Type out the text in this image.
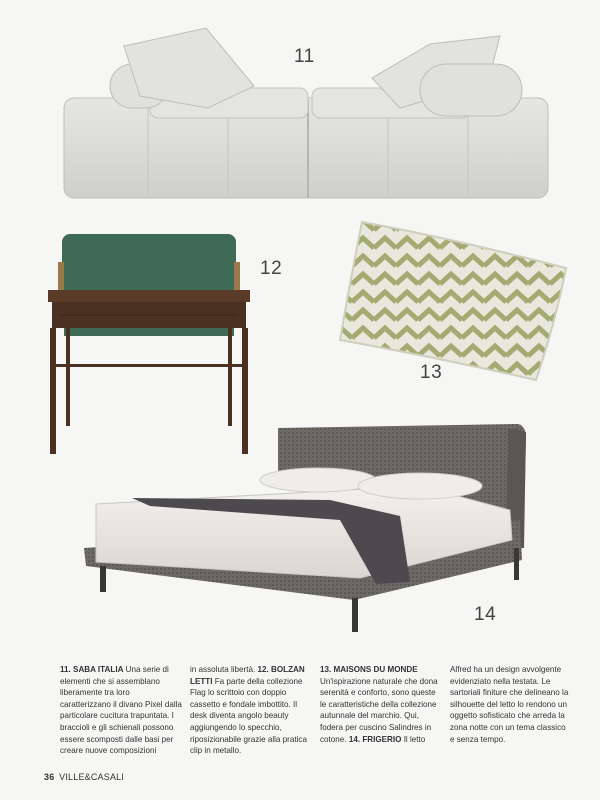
11
12
13
14
11. SABA ITALIA Una serie di elementi che si assemblano liberamente tra loro caratterizzano il divano Pixel dalla particolare cucitura trapuntata. I braccioli e gli schienali possono essere scomposti dalle basi per creare nuove composizioni
in assoluta libertà. 12. BOLZAN LETTI Fa parte della collezione Flag lo scrittoio con doppio cassetto e fondale imbottito. Il desk diventa angolo beauty aggiungendo lo specchio, riposizionabile grazie alla pratica clip in metallo.
13. MAISONS DU MONDE Un'ispirazione naturale che dona serenità e conforto, sono queste le caratteristiche della collezione autunnale del marchio. Qui, fodera per cuscino Salindres in cotone. 14. FRIGERIO Il letto
Alfred ha un design avvolgente evidenziato nella testata. Le sartoriali finiture che delineano la silhouette del letto lo rendono un oggetto sofisticato che arreda la zona notte con un tema classico e senza tempo.
36 VILLE&CASALI
